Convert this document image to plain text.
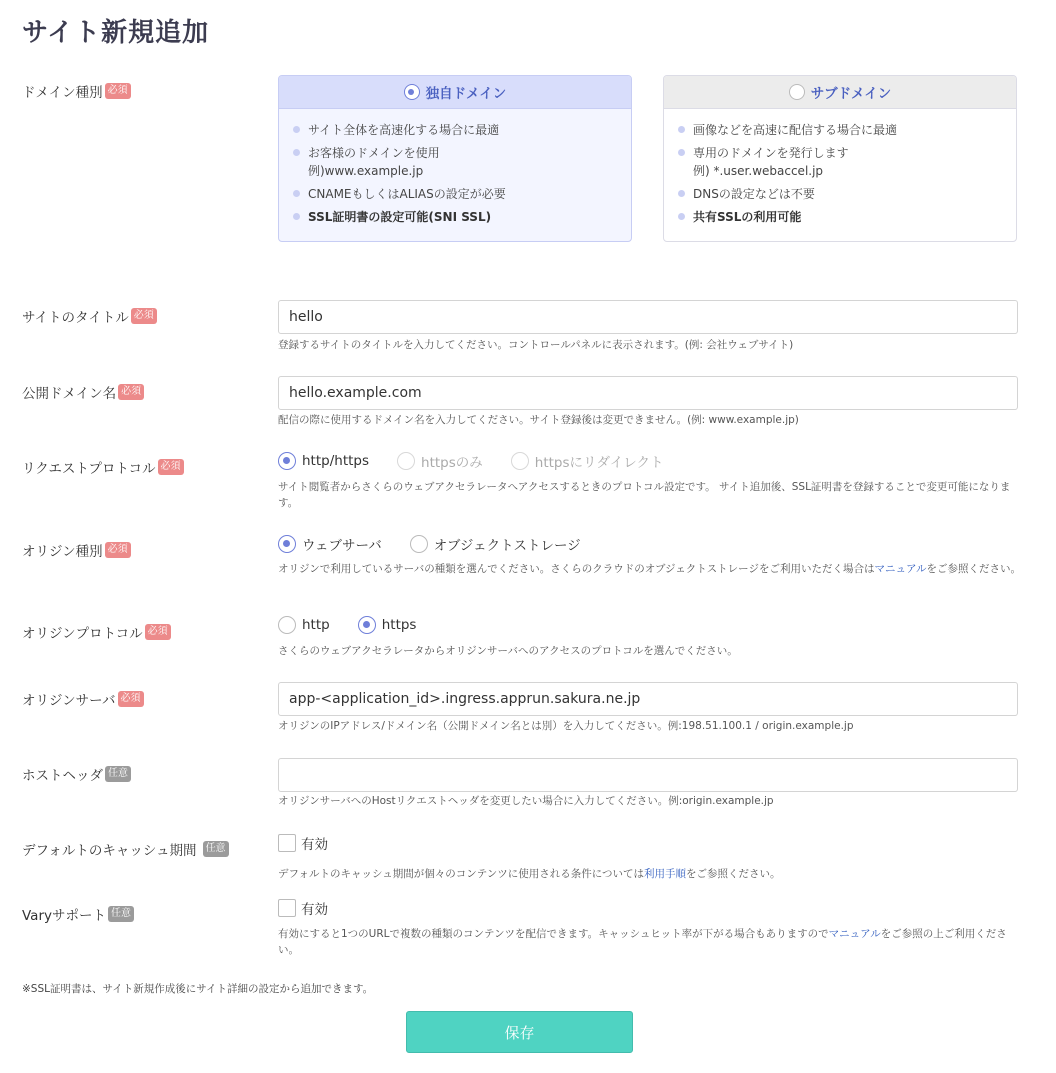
サイト新規追加
ドメイン種別 必須	独自ドメイン
サイト全体を高速化する場合に最適
お客様のドメインを使用
例)www.example.jp
CNAMEもしくはALIASの設定が必要
SSL証明書の設定可能(SNI SSL)
サブドメイン
画像などを高速に配信する場合に最適
専用のドメインを発行します
例) *.user.webaccel.jp
DNSの設定などは不要
共有SSLの利用可能
サイトのタイトル 必須
hello
登録するサイトのタイトルを入力してください。コントロールパネルに表示されます。(例: 会社ウェブサイト)
公開ドメイン名 必須
hello.example.com
配信の際に使用するドメイン名を入力してください。サイト登録後は変更できません。(例: www.example.jp)
リクエストプロトコル 必須	http/https	httpsのみ	httpsにリダイレクト
サイト閲覧者からさくらのウェブアクセラレータへアクセスするときのプロトコル設定です。 サイト追加後、SSL証明書を登録することで変更可能になります。
オリジン種別 必須	ウェブサーバ	オブジェクトストレージ
オリジンで利用しているサーバの種類を選んでください。さくらのクラウドのオブジェクトストレージをご利用いただく場合はマニュアルをご参照ください。
オリジンプロトコル 必須	http	https
さくらのウェブアクセラレータからオリジンサーバへのアクセスのプロトコルを選んでください。
オリジンサーバ 必須
app-<application_id>.ingress.apprun.sakura.ne.jp
オリジンのIPアドレス/ドメイン名（公開ドメイン名とは別）を入力してください。例:198.51.100.1 / origin.example.jp
ホストヘッダ 任意
オリジンサーバへのHostリクエストヘッダを変更したい場合に入力してください。例:origin.example.jp
デフォルトのキャッシュ期間 任意	有効
デフォルトのキャッシュ期間が個々のコンテンツに使用される条件については利用手順をご参照ください。
Varyサポート 任意	有効
有効にすると1つのURLで複数の種類のコンテンツを配信できます。キャッシュヒット率が下がる場合もありますのでマニュアルをご参照の上ご利用ください。
※SSL証明書は、サイト新規作成後にサイト詳細の設定から追加できます。
保存
